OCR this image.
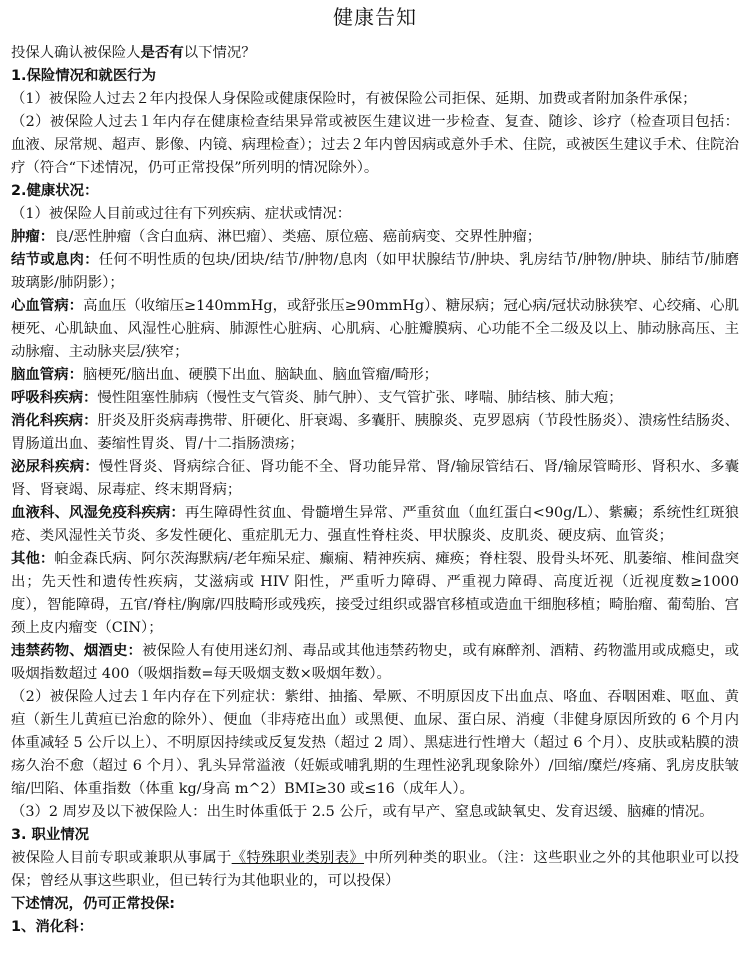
健康告知

投保人确认被保险人是否有以下情况？

1.保险情况和就医行为

（1）被保险人过去２年内投保人身保险或健康保险时，有被保险公司拒保、延期、加费或者附加条件承保；

（2）被保险人过去１年内存在健康检查结果异常或被医生建议进一步检查、复查、随诊、诊疗（检查项目包括：血液、尿常规、超声、影像、内镜、病理检查）；过去２年内曾因病或意外手术、住院，或被医生建议手术、住院治疗（符合“下述情况，仍可正常投保”所列明的情况除外）。

2.健康状况：

（1）被保险人目前或过往有下列疾病、症状或情况：

肿瘤：良/恶性肿瘤（含白血病、淋巴瘤）、类癌、原位癌、癌前病变、交界性肿瘤；

结节或息肉：任何不明性质的包块/团块/结节/肿物/息肉（如甲状腺结节/肿块、乳房结节/肿物/肿块、肺结节/肺磨玻璃影/肺阴影）；

心血管病：高血压（收缩压≥140mmHg，或舒张压≥90mmHg）、糖尿病；冠心病/冠状动脉狭窄、心绞痛、心肌梗死、心肌缺血、风湿性心脏病、肺源性心脏病、心肌病、心脏瓣膜病、心功能不全二级及以上、肺动脉高压、主动脉瘤、主动脉夹层/狭窄；

脑血管病：脑梗死/脑出血、硬膜下出血、脑缺血、脑血管瘤/畸形；

呼吸科疾病：慢性阻塞性肺病（慢性支气管炎、肺气肿）、支气管扩张、哮喘、肺结核、肺大疱；

消化科疾病：肝炎及肝炎病毒携带、肝硬化、肝衰竭、多囊肝、胰腺炎、克罗恩病（节段性肠炎）、溃疡性结肠炎、胃肠道出血、萎缩性胃炎、胃/十二指肠溃疡；

泌尿科疾病：慢性肾炎、肾病综合征、肾功能不全、肾功能异常、肾/输尿管结石、肾/输尿管畸形、肾积水、多囊肾、肾衰竭、尿毒症、终末期肾病；

血液科、风湿免疫科疾病：再生障碍性贫血、骨髓增生异常、严重贫血（血红蛋白<90g/L）、紫癜；系统性红斑狼疮、类风湿性关节炎、多发性硬化、重症肌无力、强直性脊柱炎、甲状腺炎、皮肌炎、硬皮病、血管炎；

其他：帕金森氏病、阿尔茨海默病/老年痴呆症、癫痫、精神疾病、瘫痪；脊柱裂、股骨头坏死、肌萎缩、椎间盘突出；先天性和遗传性疾病，艾滋病或 HIV 阳性，严重听力障碍、严重视力障碍、高度近视（近视度数≥1000 度），智能障碍，五官/脊柱/胸廓/四肢畸形或残疾，接受过组织或器官移植或造血干细胞移植；畸胎瘤、葡萄胎、宫颈上皮内瘤变（CIN）；

违禁药物、烟酒史：被保险人有使用迷幻剂、毒品或其他违禁药物史，或有麻醉剂、酒精、药物滥用或成瘾史，或吸烟指数超过 400（吸烟指数=每天吸烟支数×吸烟年数）。

（2）被保险人过去１年内存在下列症状：紫绀、抽搐、晕厥、不明原因皮下出血点、咯血、吞咽困难、呕血、黄疸（新生儿黄疸已治愈的除外）、便血（非痔疮出血）或黑便、血尿、蛋白尿、消瘦（非健身原因所致的 6 个月内体重减轻 5 公斤以上）、不明原因持续或反复发热（超过 2 周）、黑痣进行性增大（超过 6 个月）、皮肤或粘膜的溃疡久治不愈（超过 6 个月）、乳头异常溢液（妊娠或哺乳期的生理性泌乳现象除外）/回缩/糜烂/疼痛、乳房皮肤皱缩/凹陷、体重指数（体重 kg/身高 m^2）BMI≥30 或≤16（成年人）。

（3）2 周岁及以下被保险人：出生时体重低于 2.5 公斤，或有早产、窒息或缺氧史、发育迟缓、脑瘫的情况。

3. 职业情况

被保险人目前专职或兼职从事属于《特殊职业类别表》中所列种类的职业。（注：这些职业之外的其他职业可以投保；曾经从事这些职业，但已转行为其他职业的，可以投保）

下述情况，仍可正常投保:

1、消化科：
